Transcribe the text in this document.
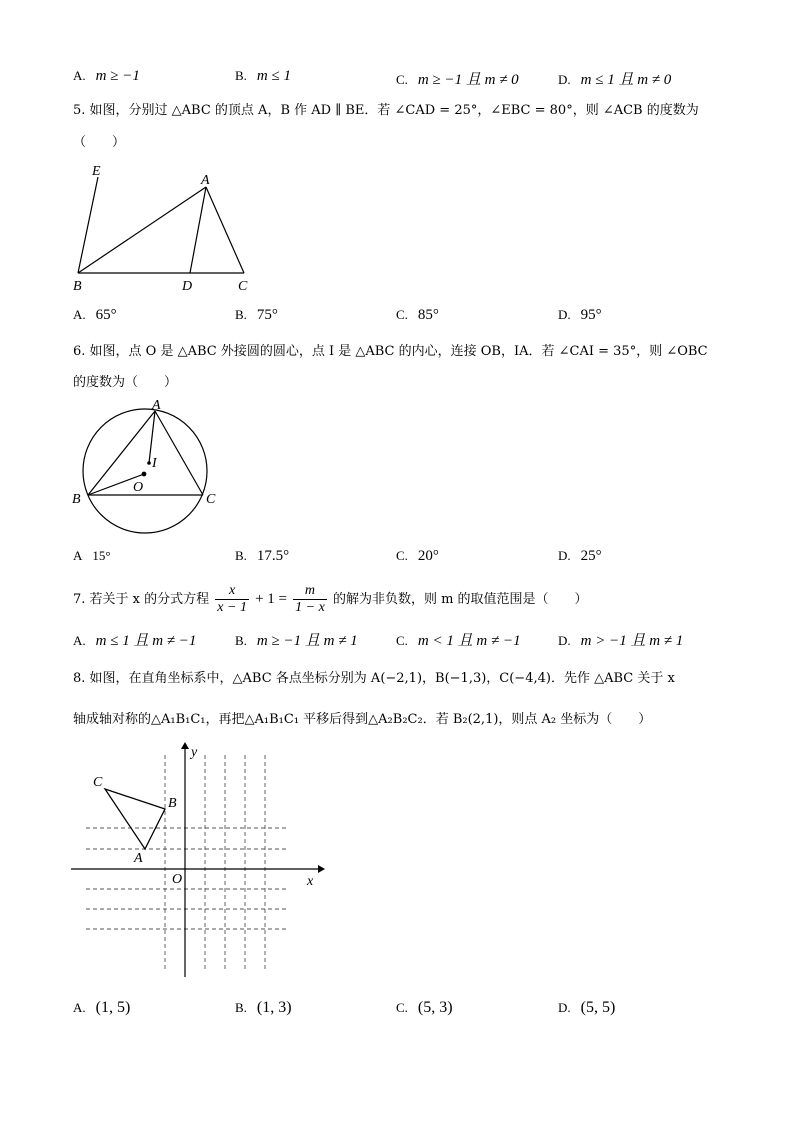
A. m ≥ −1	B. m ≤ 1	C. m ≥ −1 且 m ≠ 0	D. m ≤ 1 且 m ≠ 0
5. 如图，分别过 △ABC 的顶点 A，B 作 AD ∥ BE．若 ∠CAD = 25°，∠EBC = 80°，则 ∠ACB 的度数为
（　　）
E
A
B	D	C
A. 65°	B. 75°	C. 85°	D. 95°
6. 如图，点 O 是 △ABC 外接圆的圆心，点 I 是 △ABC 的内心，连接 OB，IA．若 ∠CAI = 35°，则 ∠OBC
的度数为（　　）
A
I
O
B	C
A 15°	B. 17.5°	C. 20°	D. 25°
7. 若关于 x 的分式方程 $\frac{x}{x - 1} + 1 = \frac{m}{1 - x}$ 的解为非负数，则 m 的取值范围是（　　）
A. m ≤ 1 且 m ≠ −1	B. m ≥ −1 且 m ≠ 1	C. m < 1 且 m ≠ −1	D. m > −1 且 m ≠ 1
8. 如图，在直角坐标系中，△ABC 各点坐标分别为 A(−2,1)，B(−1,3)，C(−4,4)．先作 △ABC 关于 x
轴成轴对称的△A₁B₁C₁，再把△A₁B₁C₁ 平移后得到△A₂B₂C₂．若 B₂(2,1)，则点 A₂ 坐标为（　　）
C
B
A
O	x
y
A. (1, 5)	B. (1, 3)	C. (5, 3)	D. (5, 5)
